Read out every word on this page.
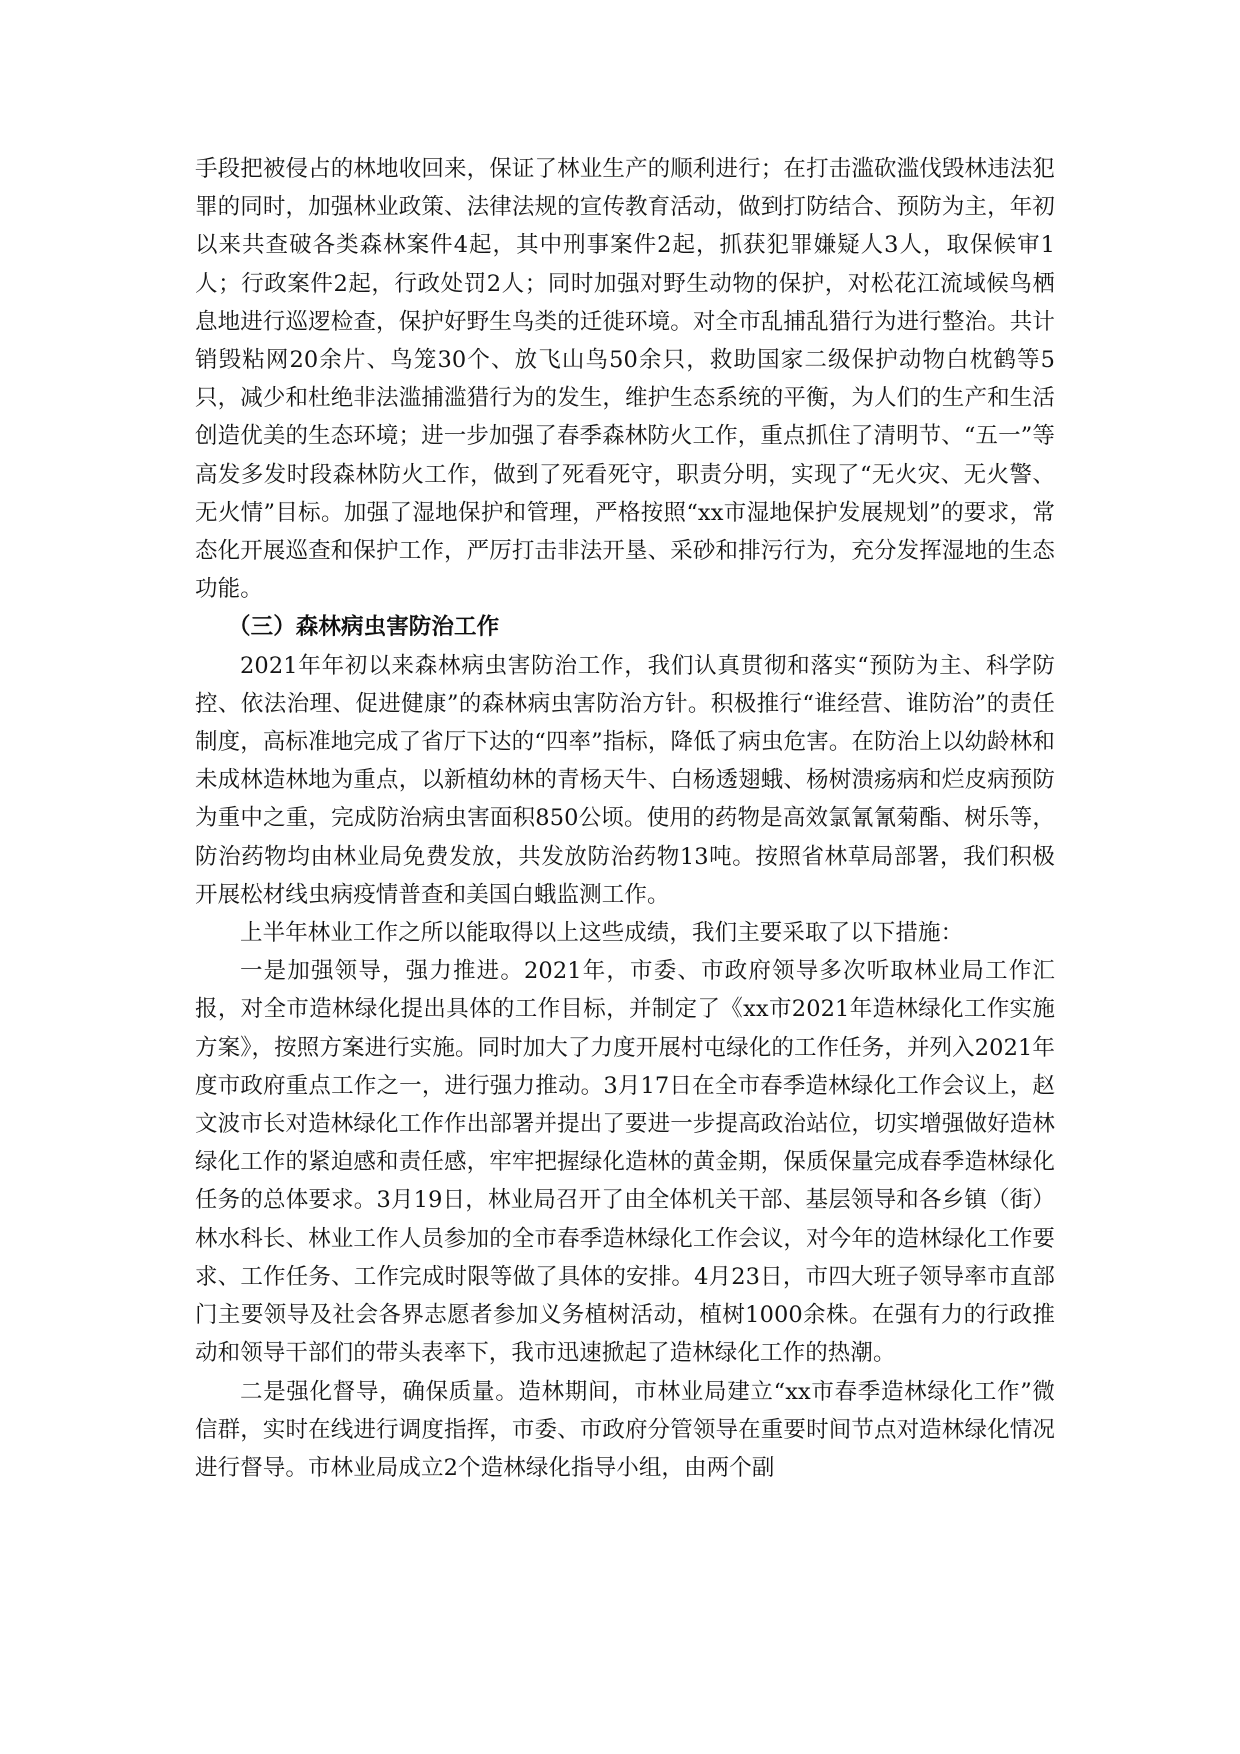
手段把被侵占的林地收回来，保证了林业生产的顺利进行；在打击滥砍滥伐毁林违法犯罪的同时，加强林业政策、法律法规的宣传教育活动，做到打防结合、预防为主，年初以来共查破各类森林案件4起，其中刑事案件2起，抓获犯罪嫌疑人3人，取保候审1人；行政案件2起，行政处罚2人；同时加强对野生动物的保护，对松花江流域候鸟栖息地进行巡逻检查，保护好野生鸟类的迁徙环境。对全市乱捕乱猎行为进行整治。共计销毁粘网20余片、鸟笼30个、放飞山鸟50余只，救助国家二级保护动物白枕鹤等5只，减少和杜绝非法滥捕滥猎行为的发生，维护生态系统的平衡，为人们的生产和生活创造优美的生态环境；进一步加强了春季森林防火工作，重点抓住了清明节、“五一”等高发多发时段森林防火工作，做到了死看死守，职责分明，实现了“无火灾、无火警、无火情”目标。加强了湿地保护和管理，严格按照“xx市湿地保护发展规划”的要求，常态化开展巡查和保护工作，严厉打击非法开垦、采砂和排污行为，充分发挥湿地的生态功能。

（三）森林病虫害防治工作

2021年年初以来森林病虫害防治工作，我们认真贯彻和落实“预防为主、科学防控、依法治理、促进健康”的森林病虫害防治方针。积极推行“谁经营、谁防治”的责任制度，高标准地完成了省厅下达的“四率”指标，降低了病虫危害。在防治上以幼龄林和未成林造林地为重点，以新植幼林的青杨天牛、白杨透翅蛾、杨树溃疡病和烂皮病预防为重中之重，完成防治病虫害面积850公顷。使用的药物是高效氯氰氰菊酯、树乐等，防治药物均由林业局免费发放，共发放防治药物13吨。按照省林草局部署，我们积极开展松材线虫病疫情普查和美国白蛾监测工作。

上半年林业工作之所以能取得以上这些成绩，我们主要采取了以下措施：

一是加强领导，强力推进。2021年，市委、市政府领导多次听取林业局工作汇报，对全市造林绿化提出具体的工作目标，并制定了《xx市2021年造林绿化工作实施方案》，按照方案进行实施。同时加大了力度开展村屯绿化的工作任务，并列入2021年度市政府重点工作之一，进行强力推动。3月17日在全市春季造林绿化工作会议上，赵文波市长对造林绿化工作作出部署并提出了要进一步提高政治站位，切实增强做好造林绿化工作的紧迫感和责任感，牢牢把握绿化造林的黄金期，保质保量完成春季造林绿化任务的总体要求。3月19日，林业局召开了由全体机关干部、基层领导和各乡镇（街）林水科长、林业工作人员参加的全市春季造林绿化工作会议，对今年的造林绿化工作要求、工作任务、工作完成时限等做了具体的安排。4月23日，市四大班子领导率市直部门主要领导及社会各界志愿者参加义务植树活动，植树1000余株。在强有力的行政推动和领导干部们的带头表率下，我市迅速掀起了造林绿化工作的热潮。

二是强化督导，确保质量。造林期间，市林业局建立“xx市春季造林绿化工作”微信群，实时在线进行调度指挥，市委、市政府分管领导在重要时间节点对造林绿化情况进行督导。市林业局成立2个造林绿化指导小组，由两个副
